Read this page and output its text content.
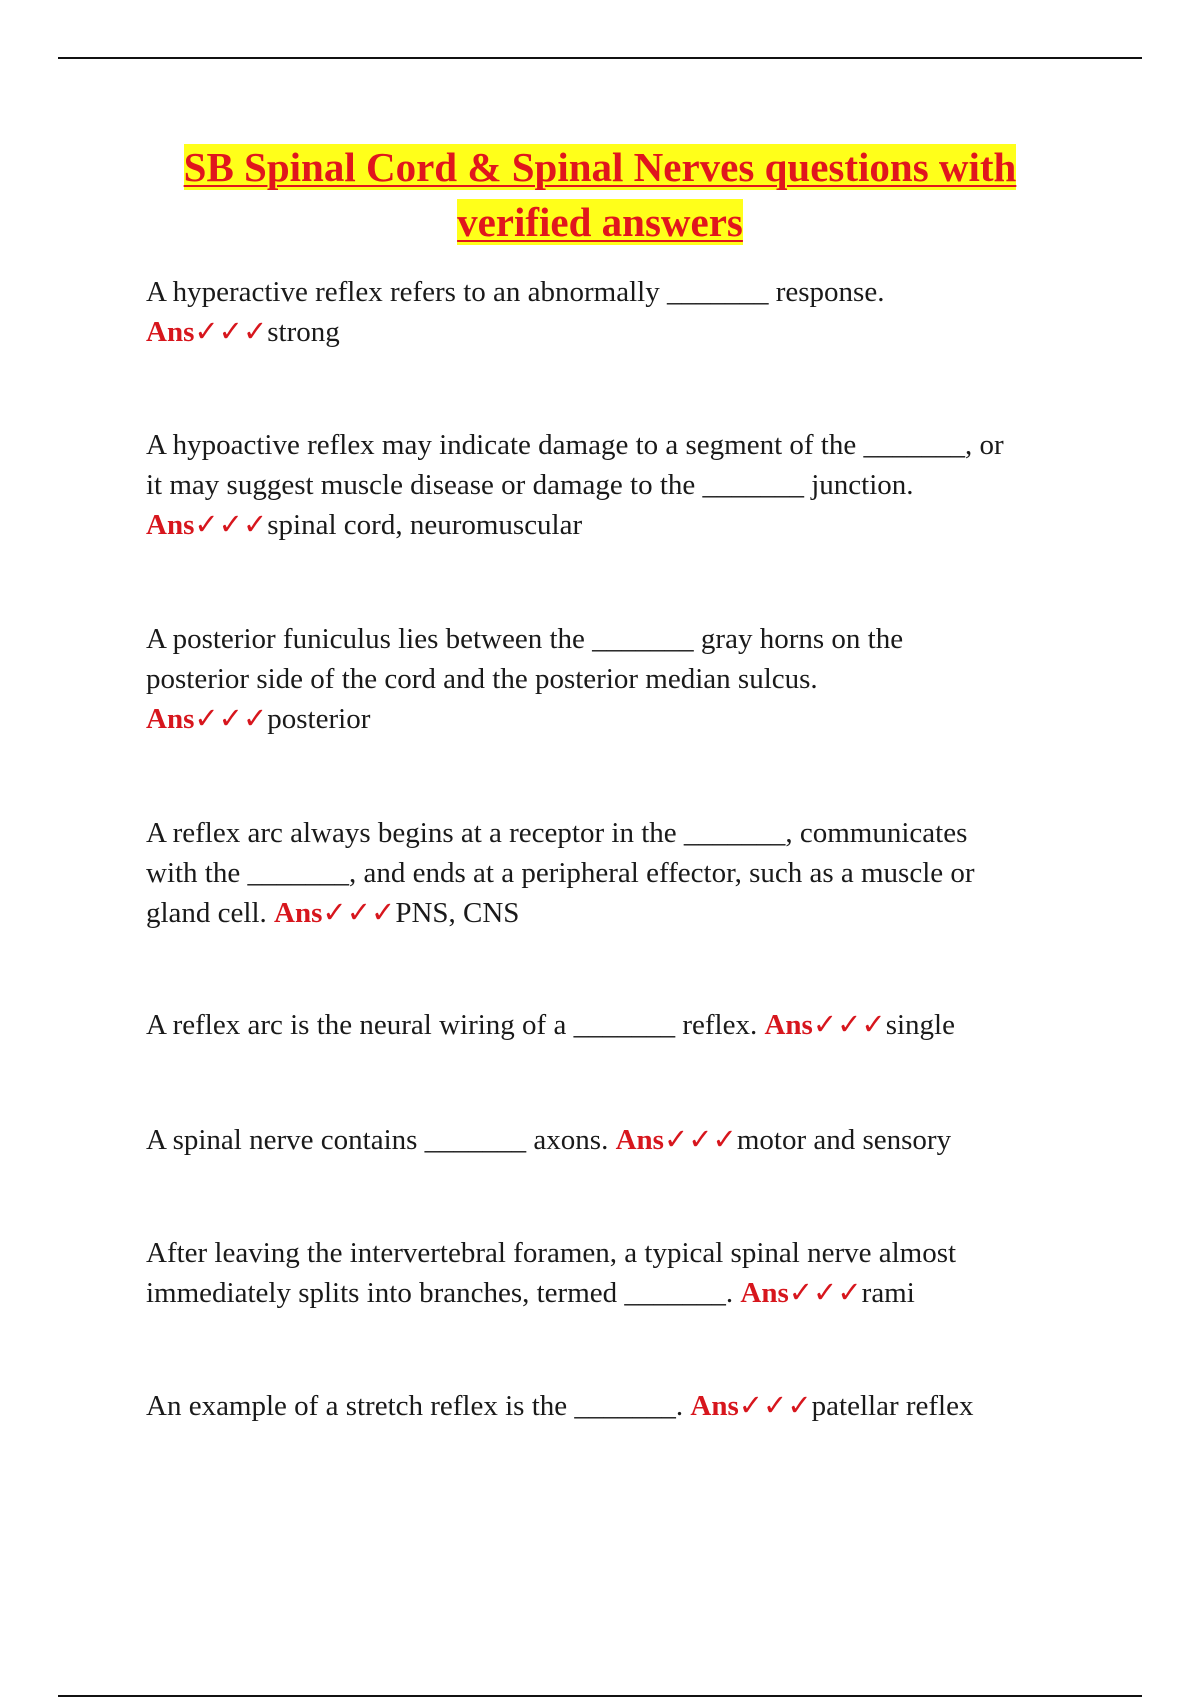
SB Spinal Cord & Spinal Nerves questions with
verified answers
A hyperactive reflex refers to an abnormally _______ response.
Ans✓✓✓strong
A hypoactive reflex may indicate damage to a segment of the _______, or
it may suggest muscle disease or damage to the _______ junction.
Ans✓✓✓spinal cord, neuromuscular
A posterior funiculus lies between the _______ gray horns on the
posterior side of the cord and the posterior median sulcus.
Ans✓✓✓posterior
A reflex arc always begins at a receptor in the _______, communicates
with the _______, and ends at a peripheral effector, such as a muscle or
gland cell. Ans✓✓✓PNS, CNS
A reflex arc is the neural wiring of a _______ reflex. Ans✓✓✓single
A spinal nerve contains _______ axons. Ans✓✓✓motor and sensory
After leaving the intervertebral foramen, a typical spinal nerve almost
immediately splits into branches, termed _______. Ans✓✓✓rami
An example of a stretch reflex is the _______. Ans✓✓✓patellar reflex
